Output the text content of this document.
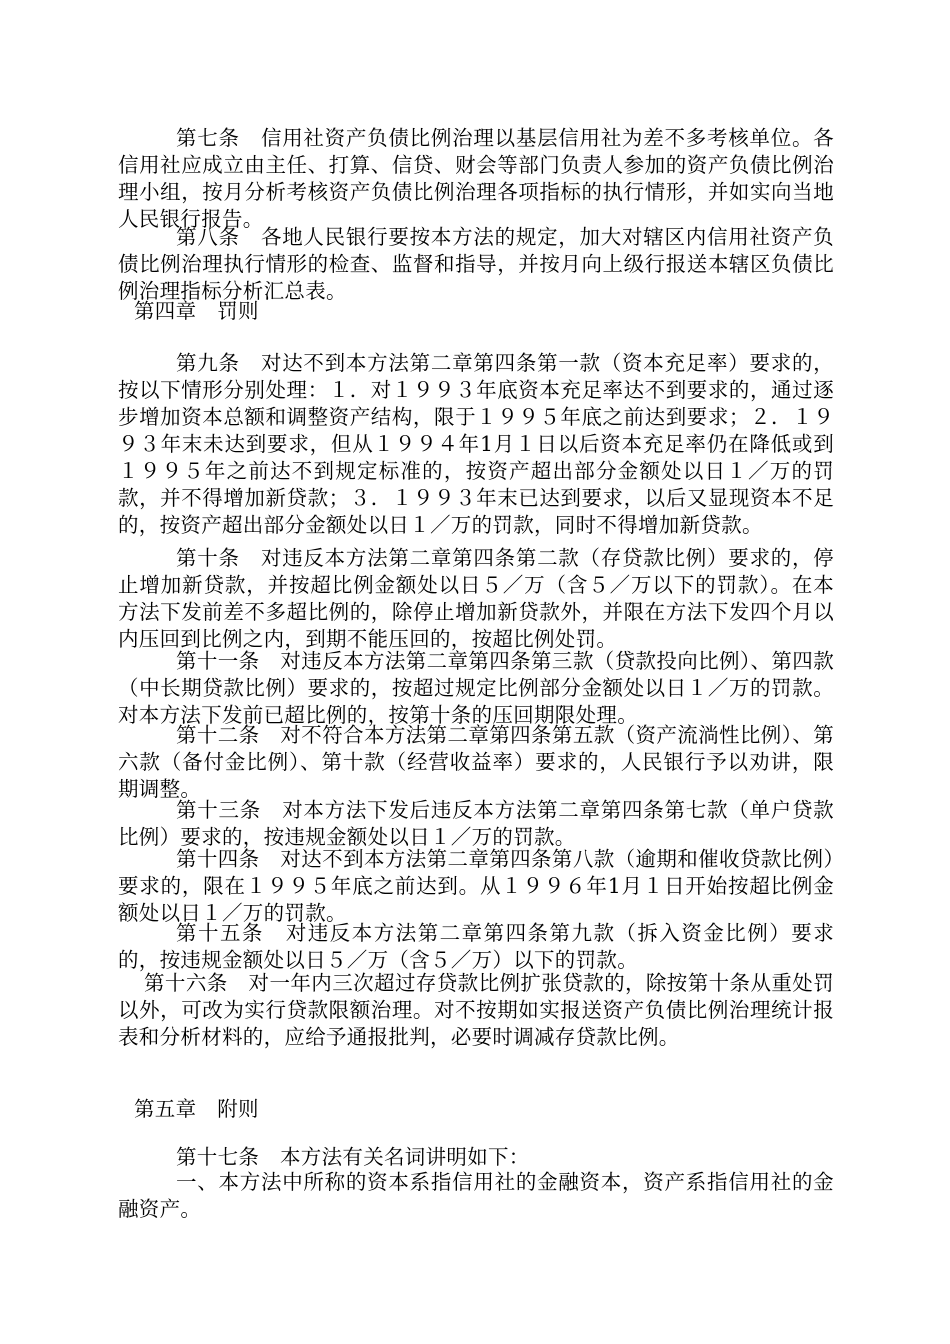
第七条　信用社资产负债比例治理以基层信用社为差不多考核单位。各信用社应成立由主任、打算、信贷、财会等部门负责人参加的资产负债比例治理小组，按月分析考核资产负债比例治理各项指标的执行情形，并如实向当地人民银行报告。

第八条　各地人民银行要按本方法的规定，加大对辖区内信用社资产负债比例治理执行情形的检查、监督和指导，并按月向上级行报送本辖区负债比例治理指标分析汇总表。

第四章　罚则

第九条　对达不到本方法第二章第四条第一款（资本充足率）要求的，按以下情形分别处理：１．对１９９３年底资本充足率达不到要求的，通过逐步增加资本总额和调整资产结构，限于１９９５年底之前达到要求；２．１９９３年末未达到要求，但从１９９４年1月１日以后资本充足率仍在降低或到１９９５年之前达不到规定标准的，按资产超出部分金额处以日１／万的罚款，并不得增加新贷款；３．１９９３年末已达到要求，以后又显现资本不足的，按资产超出部分金额处以日１／万的罚款，同时不得增加新贷款。

第十条　对违反本方法第二章第四条第二款（存贷款比例）要求的，停止增加新贷款，并按超比例金额处以日５／万（含５／万以下的罚款）。在本方法下发前差不多超比例的，除停止增加新贷款外，并限在方法下发四个月以内压回到比例之内，到期不能压回的，按超比例处罚。

第十一条　对违反本方法第二章第四条第三款（贷款投向比例）、第四款（中长期贷款比例）要求的，按超过规定比例部分金额处以日１／万的罚款。对本方法下发前已超比例的，按第十条的压回期限处理。

第十二条　对不符合本方法第二章第四条第五款（资产流淌性比例）、第六款（备付金比例）、第十款（经营收益率）要求的，人民银行予以劝讲，限期调整。

第十三条　对本方法下发后违反本方法第二章第四条第七款（单户贷款比例）要求的，按违规金额处以日１／万的罚款。

第十四条　对达不到本方法第二章第四条第八款（逾期和催收贷款比例）要求的，限在１９９５年底之前达到。从１９９６年1月１日开始按超比例金额处以日１／万的罚款。

第十五条　对违反本方法第二章第四条第九款（拆入资金比例）要求的，按违规金额处以日５／万（含５／万）以下的罚款。

第十六条　对一年内三次超过存贷款比例扩张贷款的，除按第十条从重处罚以外，可改为实行贷款限额治理。对不按期如实报送资产负债比例治理统计报表和分析材料的，应给予通报批判，必要时调减存贷款比例。

第五章　附则

第十七条　本方法有关名词讲明如下：

一、本方法中所称的资本系指信用社的金融资本，资产系指信用社的金融资产。
